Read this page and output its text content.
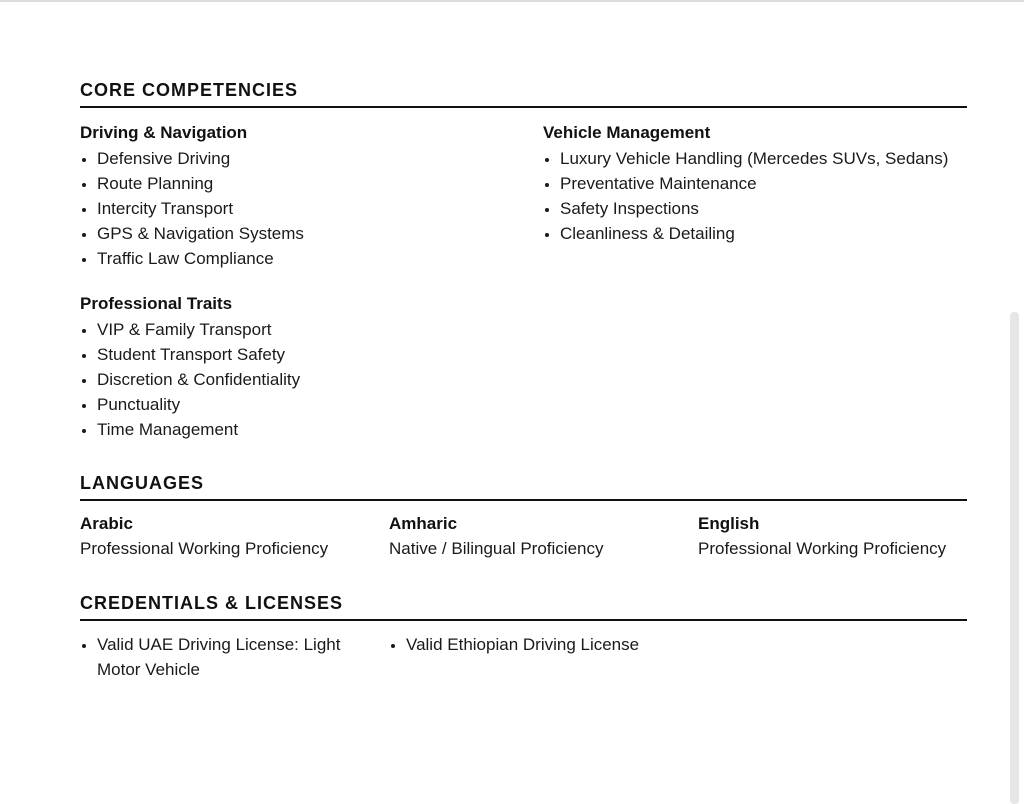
CORE COMPETENCIES
Driving & Navigation
Defensive Driving
Route Planning
Intercity Transport
GPS & Navigation Systems
Traffic Law Compliance
Vehicle Management
Luxury Vehicle Handling (Mercedes SUVs, Sedans)
Preventative Maintenance
Safety Inspections
Cleanliness & Detailing
Professional Traits
VIP & Family Transport
Student Transport Safety
Discretion & Confidentiality
Punctuality
Time Management
LANGUAGES
Arabic
Professional Working Proficiency
Amharic
Native / Bilingual Proficiency
English
Professional Working Proficiency
CREDENTIALS & LICENSES
Valid UAE Driving License: Light Motor Vehicle
Valid Ethiopian Driving License
